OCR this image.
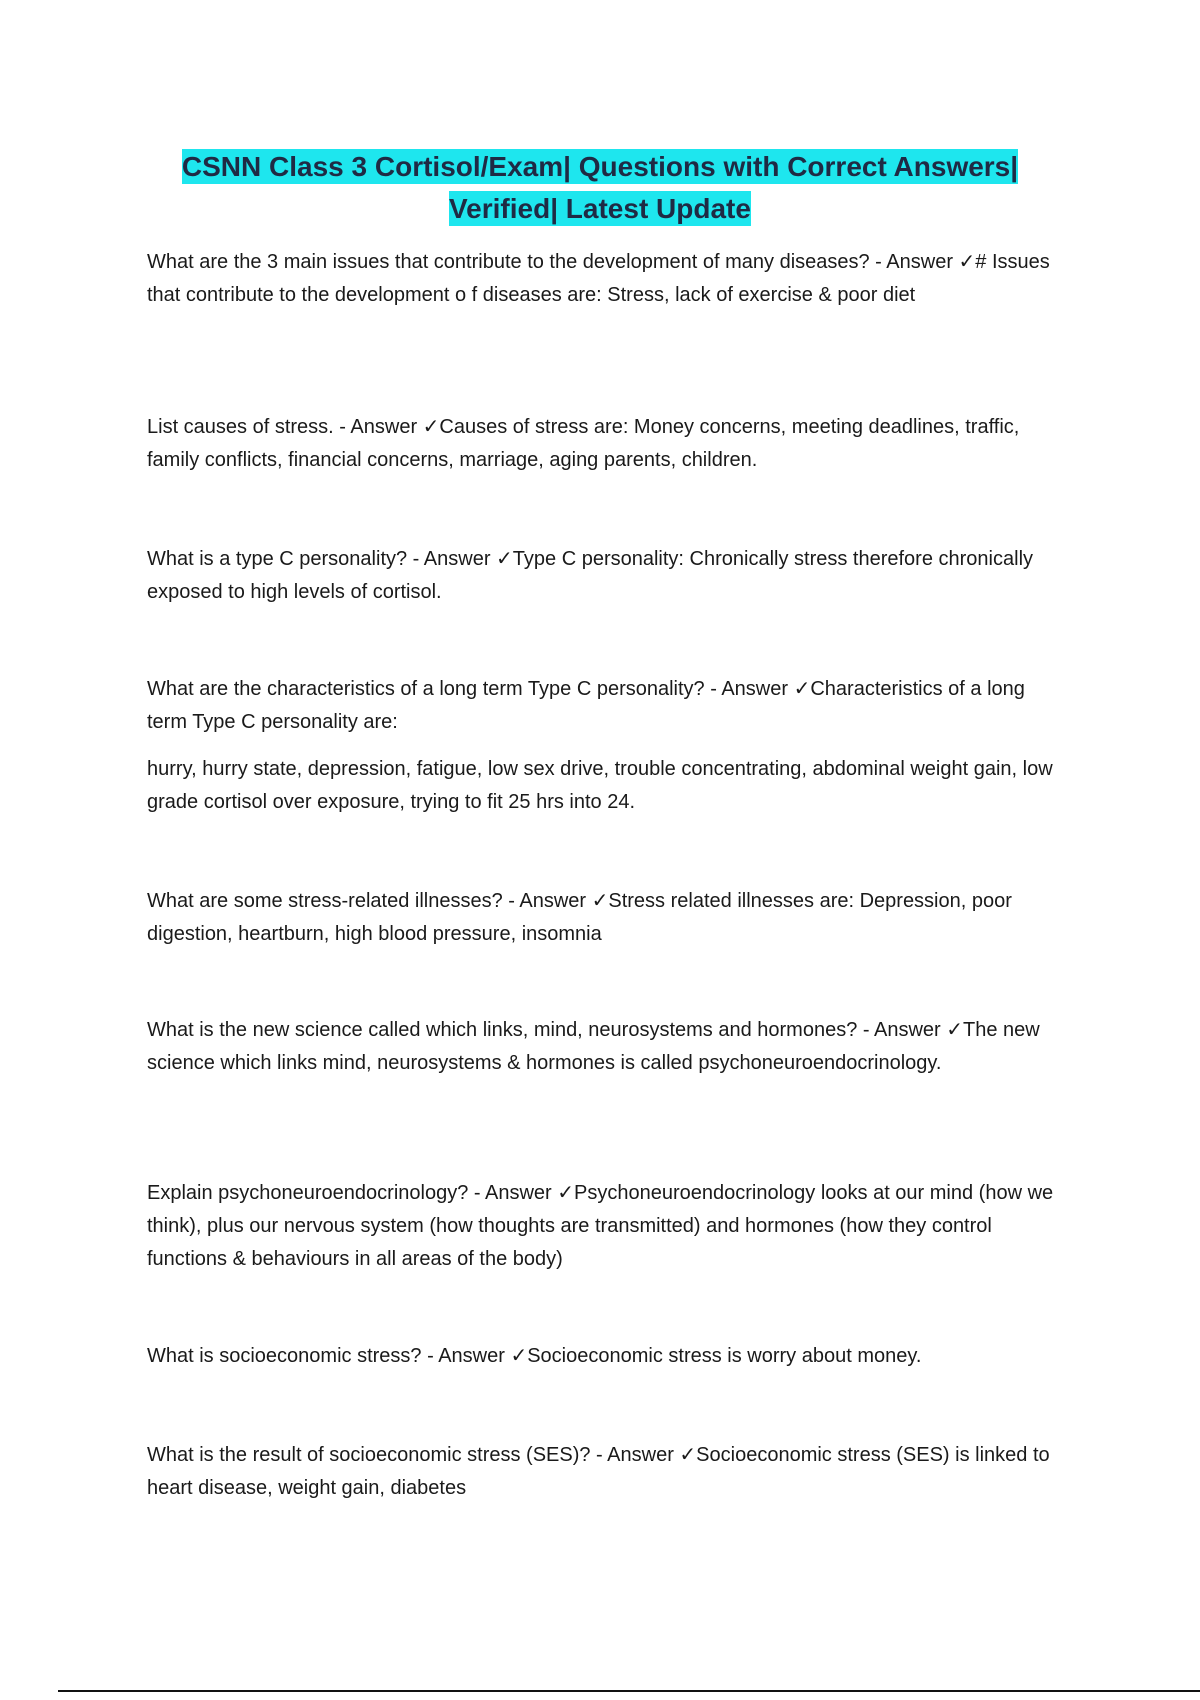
CSNN Class 3 Cortisol/Exam| Questions with Correct Answers|
Verified| Latest Update

What are the 3 main issues that contribute to the development of many diseases? - Answer ✓# Issues that contribute to the development o f diseases are: Stress, lack of exercise & poor diet

List causes of stress. - Answer ✓Causes of stress are: Money concerns, meeting deadlines, traffic, family conflicts, financial concerns, marriage, aging parents, children.

What is a type C personality? - Answer ✓Type C personality: Chronically stress therefore chronically exposed to high levels of cortisol.

What are the characteristics of a long term Type C personality? - Answer ✓Characteristics of a long term Type C personality are:

hurry, hurry state, depression, fatigue, low sex drive, trouble concentrating, abdominal weight gain, low grade cortisol over exposure, trying to fit 25 hrs into 24.

What are some stress-related illnesses? - Answer ✓Stress related illnesses are: Depression, poor digestion, heartburn, high blood pressure, insomnia

What is the new science called which links, mind, neurosystems and hormones? - Answer ✓The new science which links mind, neurosystems & hormones is called psychoneuroendocrinology.

Explain psychoneuroendocrinology? - Answer ✓Psychoneuroendocrinology looks at our mind (how we think), plus our nervous system (how thoughts are transmitted) and hormones (how they control functions & behaviours in all areas of the body)

What is socioeconomic stress? - Answer ✓Socioeconomic stress is worry about money.

What is the result of socioeconomic stress (SES)? - Answer ✓Socioeconomic stress (SES) is linked to heart disease, weight gain, diabetes
